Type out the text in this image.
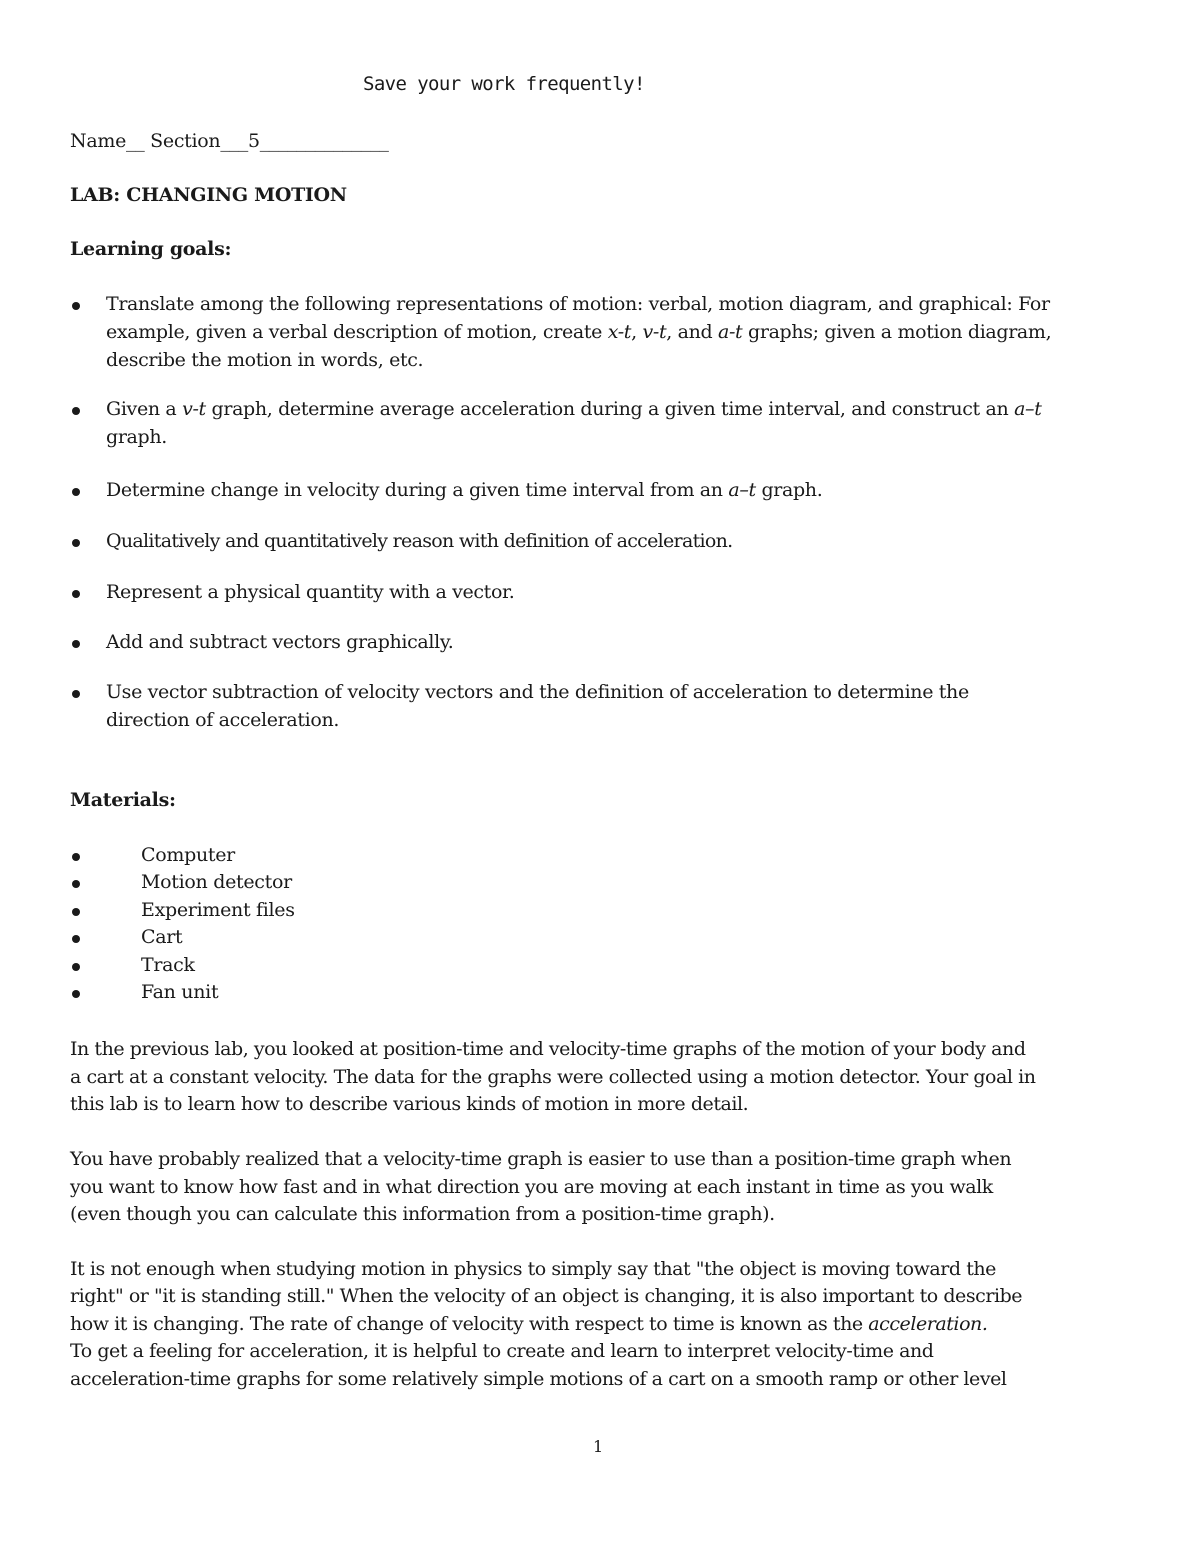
Save your work frequently!
Name__ Section___5______________
LAB: CHANGING MOTION
Learning goals:
Translate among the following representations of motion: verbal, motion diagram, and graphical: For
example, given a verbal description of motion, create x-t, v-t, and a-t graphs; given a motion diagram,
describe the motion in words, etc.
Given a v-t graph, determine average acceleration during a given time interval, and construct an a–t
graph.
Determine change in velocity during a given time interval from an a–t graph.
Qualitatively and quantitatively reason with definition of acceleration.
Represent a physical quantity with a vector.
Add and subtract vectors graphically.
Use vector subtraction of velocity vectors and the definition of acceleration to determine the
direction of acceleration.
Materials:
Computer
Motion detector
Experiment files
Cart
Track
Fan unit
In the previous lab, you looked at position-time and velocity-time graphs of the motion of your body and
a cart at a constant velocity. The data for the graphs were collected using a motion detector. Your goal in
this lab is to learn how to describe various kinds of motion in more detail.
You have probably realized that a velocity-time graph is easier to use than a position-time graph when
you want to know how fast and in what direction you are moving at each instant in time as you walk
(even though you can calculate this information from a position-time graph).
It is not enough when studying motion in physics to simply say that "the object is moving toward the
right" or "it is standing still." When the velocity of an object is changing, it is also important to describe
how it is changing. The rate of change of velocity with respect to time is known as the acceleration.
To get a feeling for acceleration, it is helpful to create and learn to interpret velocity-time and
acceleration-time graphs for some relatively simple motions of a cart on a smooth ramp or other level
1
